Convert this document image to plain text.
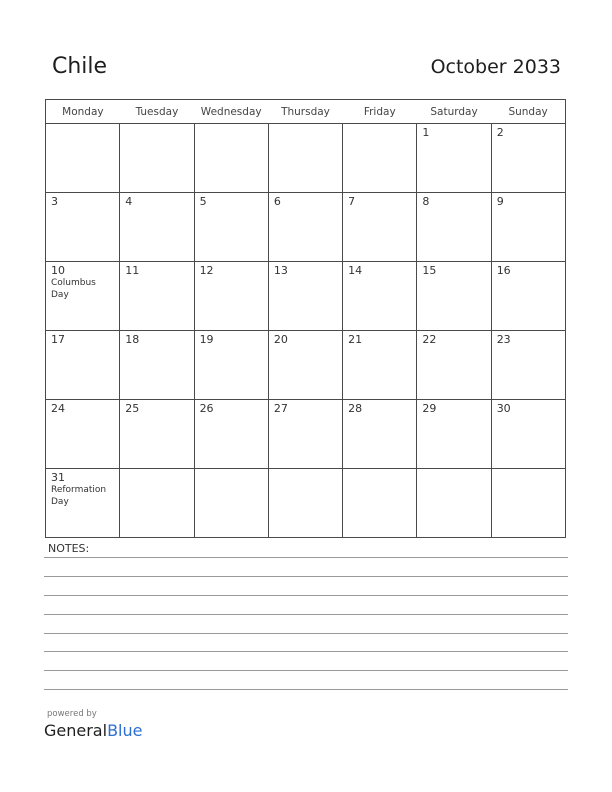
Chile	October 2033
Monday	Tuesday	Wednesday	Thursday	Friday	Saturday	Sunday

					1	2

3	4	5	6	7	8	9

10
Columbus Day	11	12	13	14	15	16

17	18	19	20	21	22	23

24	25	26	27	28	29	30

31
Reformation Day						

NOTES:
powered by
GeneralBlue
